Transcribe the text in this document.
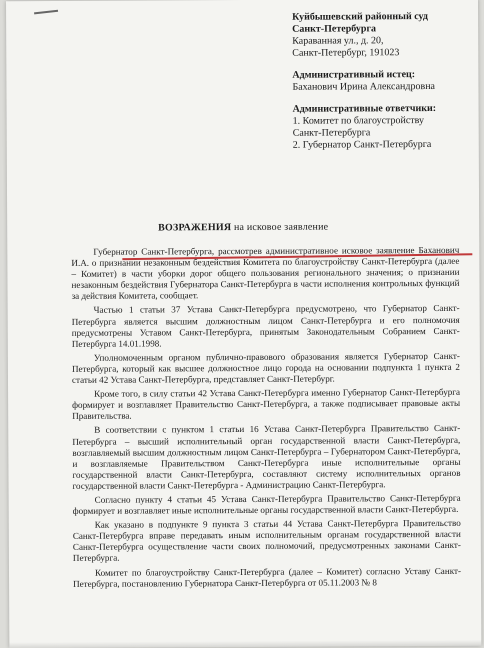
Куйбышевский районный суд
Санкт-Петербурга
Караванная ул., д. 20,
Санкт-Петербург, 191023
Административный истец:
Баханович Ирина Александровна
Административные ответчики:
1. Комитет по благоустройству
Санкт-Петербурга
2. Губернатор Санкт-Петербурга
ВОЗРАЖЕНИЯ на исковое заявление

Губернатор Санкт-Петербурга, рассмотрев административное исковое заявление Баханович И.А. о признании незаконным бездействия Комитета по благоустройству Санкт-Петербурга (далее – Комитет) в части уборки дорог общего пользования регионального значения; о признании незаконным бездействия Губернатора Санкт-Петербурга в части исполнения контрольных функций за действия Комитета, сообщает.

Частью 1 статьи 37 Устава Санкт-Петербурга предусмотрено, что Губернатор Санкт-Петербурга является высшим должностным лицом Санкт-Петербурга и его полномочия предусмотрены Уставом Санкт-Петербурга, принятым Законодательным Собранием Санкт-Петербурга 14.01.1998.

Уполномоченным органом публично-правового образования является Губернатор Санкт-Петербурга, который как высшее должностное лицо города на основании подпункта 1 пункта 2 статьи 42 Устава Санкт-Петербурга, представляет Санкт-Петербург.

Кроме того, в силу статьи 42 Устава Санкт-Петербурга именно Губернатор Санкт-Петербурга формирует и возглавляет Правительство Санкт-Петербурга, а также подписывает правовые акты Правительства.

В соответствии с пунктом 1 статьи 16 Устава Санкт-Петербурга Правительство Санкт-Петербурга – высший исполнительный орган государственной власти Санкт-Петербурга, возглавляемый высшим должностным лицом Санкт-Петербурга – Губернатором Санкт-Петербурга, и возглавляемые Правительством Санкт-Петербурга иные исполнительные органы государственной власти Санкт-Петербурга, составляют систему исполнительных органов государственной власти Санкт-Петербурга - Администрацию Санкт-Петербурга.

Согласно пункту 4 статьи 45 Устава Санкт-Петербурга Правительство Санкт-Петербурга формирует и возглавляет иные исполнительные органы государственной власти Санкт-Петербурга.

Как указано в подпункте 9 пункта 3 статьи 44 Устава Санкт-Петербурга Правительство Санкт-Петербурга вправе передавать иным исполнительным органам государственной власти Санкт-Петербурга осуществление части своих полномочий, предусмотренных законами Санкт-Петербурга.

Комитет по благоустройству Санкт-Петербурга (далее – Комитет) согласно Уставу Санкт-Петербурга, постановлению Губернатора Санкт-Петербурга от 05.11.2003 № 8
